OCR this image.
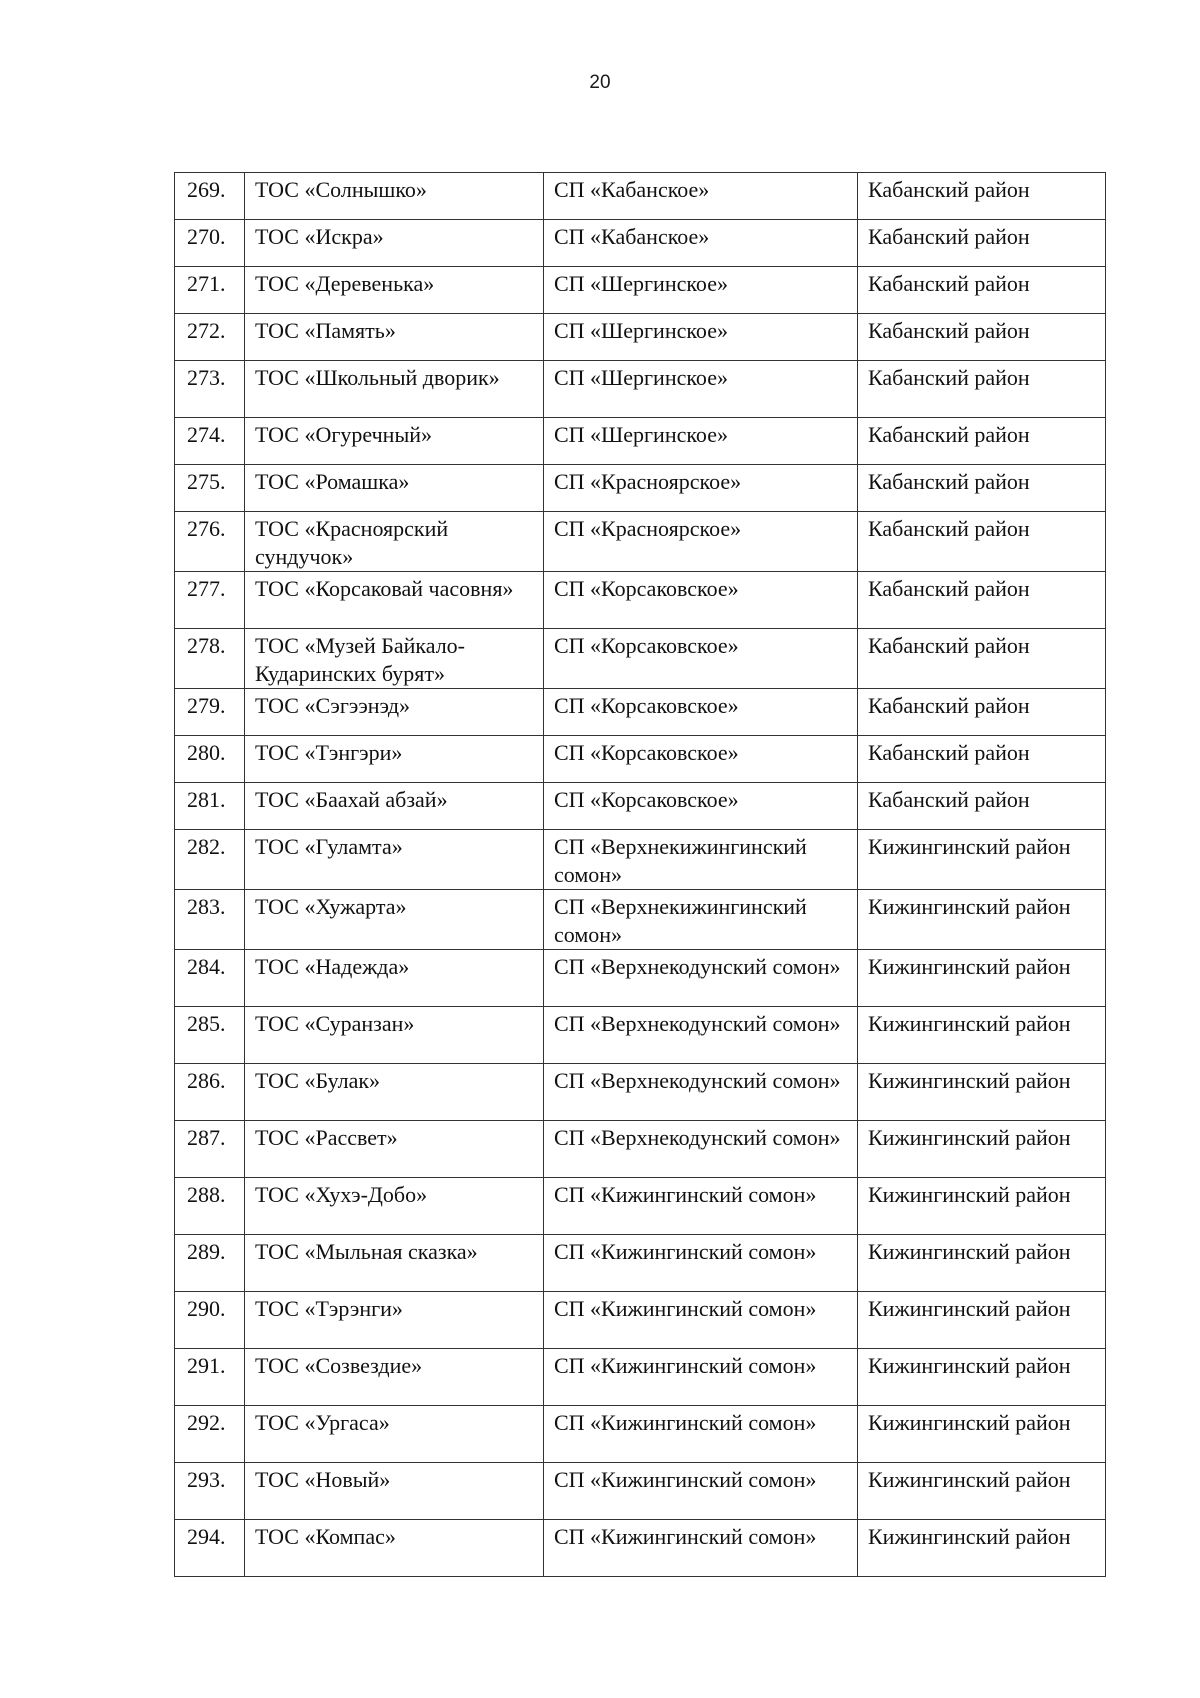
20
269.	ТОС «Солнышко»	СП «Кабанское»	Кабанский район
270.	ТОС «Искра»	СП «Кабанское»	Кабанский район
271.	ТОС «Деревенька»	СП «Шергинское»	Кабанский район
272.	ТОС «Память»	СП «Шергинское»	Кабанский район
273.	ТОС «Школьный дворик»	СП «Шергинское»	Кабанский район
274.	ТОС «Огуречный»	СП «Шергинское»	Кабанский район
275.	ТОС «Ромашка»	СП «Красноярское»	Кабанский район
276.	ТОС «Красноярский сундучок»	СП «Красноярское»	Кабанский район
277.	ТОС «Корсаковай часовня»	СП «Корсаковское»	Кабанский район
278.	ТОС «Музей Байкало-Кударинских бурят»	СП «Корсаковское»	Кабанский район
279.	ТОС «Сэгээнэд»	СП «Корсаковское»	Кабанский район
280.	ТОС «Тэнгэри»	СП «Корсаковское»	Кабанский район
281.	ТОС «Баахай абзай»	СП «Корсаковское»	Кабанский район
282.	ТОС «Гуламта»	СП «Верхнекижингинский сомон»	Кижингинский район
283.	ТОС «Хужарта»	СП «Верхнекижингинский сомон»	Кижингинский район
284.	ТОС «Надежда»	СП «Верхнекодунский сомон»	Кижингинский район
285.	ТОС «Суранзан»	СП «Верхнекодунский сомон»	Кижингинский район
286.	ТОС «Булак»	СП «Верхнекодунский сомон»	Кижингинский район
287.	ТОС «Рассвет»	СП «Верхнекодунский сомон»	Кижингинский район
288.	ТОС «Хухэ-Добо»	СП «Кижингинский сомон»	Кижингинский район
289.	ТОС «Мыльная сказка»	СП «Кижингинский сомон»	Кижингинский район
290.	ТОС «Тэрэнги»	СП «Кижингинский сомон»	Кижингинский район
291.	ТОС «Созвездие»	СП «Кижингинский сомон»	Кижингинский район
292.	ТОС «Ургаса»	СП «Кижингинский сомон»	Кижингинский район
293.	ТОС «Новый»	СП «Кижингинский сомон»	Кижингинский район
294.	ТОС «Компас»	СП «Кижингинский сомон»	Кижингинский район
